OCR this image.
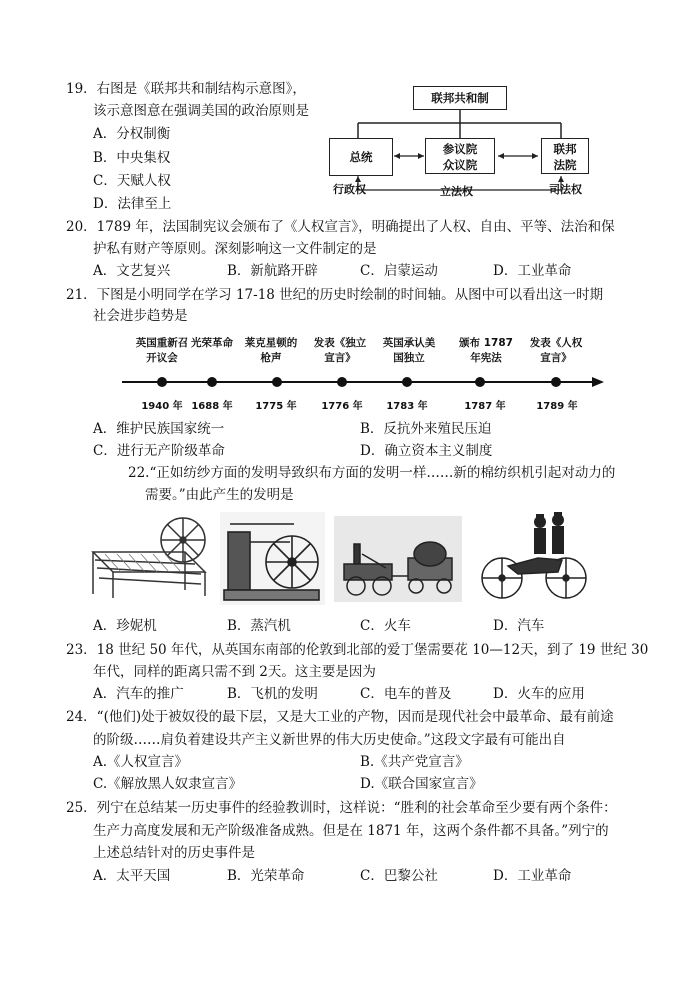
19．右图是《联邦共和制结构示意图》，
该示意图意在强调美国的政治原则是
A．分权制衡
B．中央集权
C．天赋人权
D．法律至上
联邦共和制
总统
参议院
众议院
联邦
法院
行政权	立法权	司法权
20．1789 年，法国制宪议会颁布了《人权宣言》，明确提出了人权、自由、平等、法治和保
护私有财产等原则。深刻影响这一文件制定的是
A．文艺复兴	B．新航路开辟	C．启蒙运动	D．工业革命
21．下图是小明同学在学习 17-18 世纪的历史时绘制的时间轴。从图中可以看出这一时期
社会进步趋势是
英国重新召开议会
1940 年
光荣革命
1688 年
莱克星顿的枪声
1775 年
发表《独立宣言》
1776 年
英国承认美国独立
1783 年
颁布 1787 年宪法
1787 年
发表《人权宣言》
1789 年
A．维护民族国家统一	B．反抗外来殖民压迫
C．进行无产阶级革命	D．确立资本主义制度
22.“正如纺纱方面的发明导致织布方面的发明一样……新的棉纺织机引起对动力的
需要。”由此产生的发明是
A．珍妮机	B．蒸汽机	C．火车	D．汽车
23．18 世纪 50 年代，从英国东南部的伦敦到北部的爱丁堡需要花 10—12天，到了 19 世纪 30
年代，同样的距离只需不到 2天。这主要是因为
A．汽车的推广	B．飞机的发明	C．电车的普及	D．火车的应用
24．“(他们)处于被奴役的最下层，又是大工业的产物，因而是现代社会中最革命、最有前途
的阶级……肩负着建设共产主义新世界的伟大历史使命。”这段文字最有可能出自
A.《人权宣言》	B.《共产党宣言》
C.《解放黑人奴隶宣言》	D.《联合国家宣言》
25．列宁在总结某一历史事件的经验教训时，这样说：“胜利的社会革命至少要有两个条件：
生产力高度发展和无产阶级准备成熟。但是在 1871 年，这两个条件都不具备。”列宁的
上述总结针对的历史事件是
A．太平天国	B．光荣革命	C．巴黎公社	D．工业革命
